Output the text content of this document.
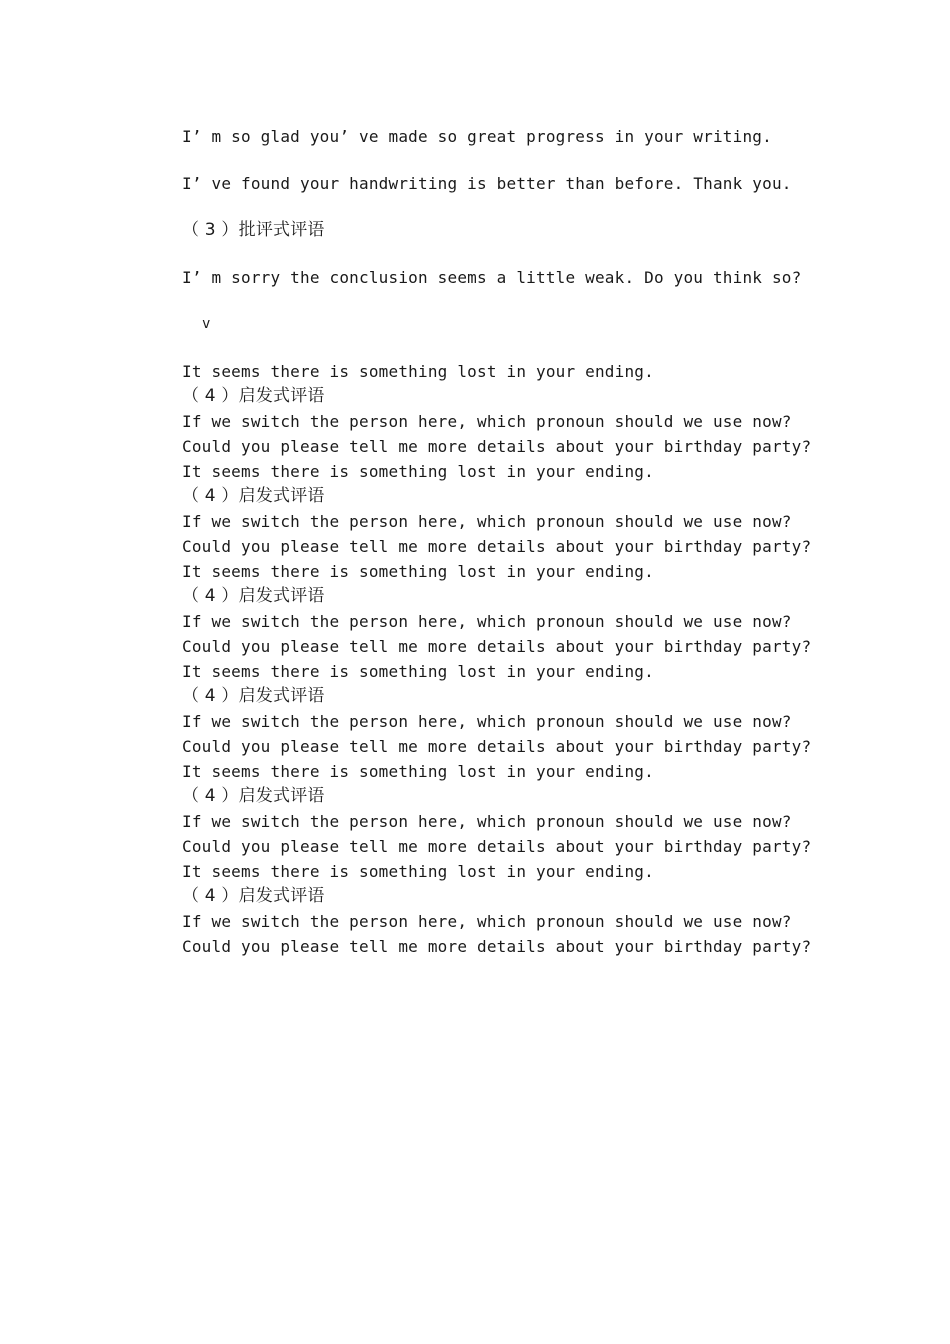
I’ m so glad you’ ve made so great progress in your writing.
I’ ve found your handwriting is better than before. Thank you.
（ 3 ）批评式评语
I’ m sorry the conclusion seems a little weak. Do you think so?
v
It seems there is something lost in your ending.
（ 4 ）启发式评语
If we switch the person here, which pronoun should we use now?
Could you please tell me more details about your birthday party?
It seems there is something lost in your ending.
（ 4 ）启发式评语
If we switch the person here, which pronoun should we use now?
Could you please tell me more details about your birthday party?
It seems there is something lost in your ending.
（ 4 ）启发式评语
If we switch the person here, which pronoun should we use now?
Could you please tell me more details about your birthday party?
It seems there is something lost in your ending.
（ 4 ）启发式评语
If we switch the person here, which pronoun should we use now?
Could you please tell me more details about your birthday party?
It seems there is something lost in your ending.
（ 4 ）启发式评语
If we switch the person here, which pronoun should we use now?
Could you please tell me more details about your birthday party?
It seems there is something lost in your ending.
（ 4 ）启发式评语
If we switch the person here, which pronoun should we use now?
Could you please tell me more details about your birthday party?
